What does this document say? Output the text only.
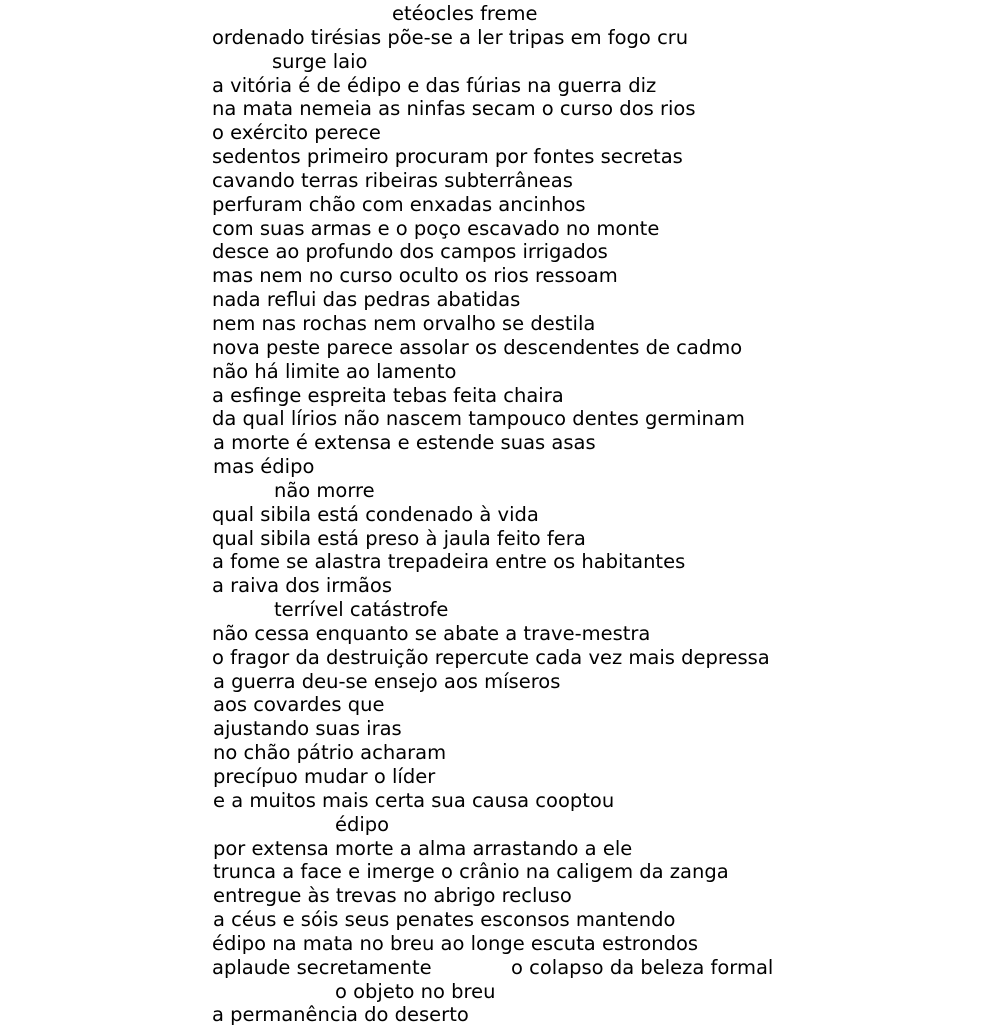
etéocles freme
ordenado tirésias põe-se a ler tripas em fogo cru
surge laio
a vitória é de édipo e das fúrias na guerra diz
na mata nemeia as ninfas secam o curso dos rios
o exército perece
sedentos primeiro procuram por fontes secretas
cavando terras ribeiras subterrâneas
perfuram chão com enxadas ancinhos
com suas armas e o poço escavado no monte
desce ao profundo dos campos irrigados
mas nem no curso oculto os rios ressoam
nada reflui das pedras abatidas
nem nas rochas nem orvalho se destila
nova peste parece assolar os descendentes de cadmo
não há limite ao lamento
a esfinge espreita tebas feita chaira
da qual lírios não nascem tampouco dentes germinam
a morte é extensa e estende suas asas
mas édipo
não morre
qual sibila está condenado à vida
qual sibila está preso à jaula feito fera
a fome se alastra trepadeira entre os habitantes
a raiva dos irmãos
terrível catástrofe
não cessa enquanto se abate a trave-mestra
o fragor da destruição repercute cada vez mais depressa
a guerra deu-se ensejo aos míseros
aos covardes que
ajustando suas iras
no chão pátrio acharam
precípuo mudar o líder
e a muitos mais certa sua causa cooptou
édipo
por extensa morte a alma arrastando a ele
trunca a face e imerge o crânio na caligem da zanga
entregue às trevas no abrigo recluso
a céus e sóis seus penates esconsos mantendo
édipo na mata no breu ao longe escuta estrondos
aplaude secretamente	o colapso da beleza formal
o objeto no breu
a permanência do deserto
